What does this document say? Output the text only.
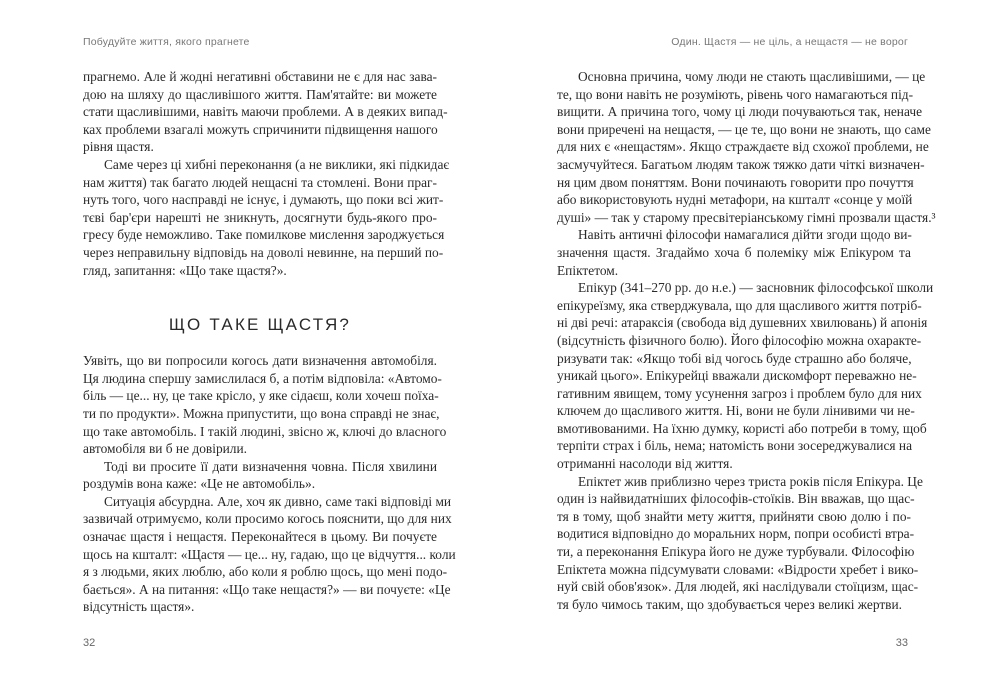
Побудуйте життя, якого прагнете
прагнемо. Але й жодні негативні обставини не є для нас зава-
дою на шляху до щасливішого життя. Пам'ятайте: ви можете
стати щасливішими, навіть маючи проблеми. А в деяких випад-
ках проблеми взагалі можуть спричинити підвищення нашого
рівня щастя.
Саме через ці хибні переконання (а не виклики, які підкидає
нам життя) так багато людей нещасні та стомлені. Вони праг-
нуть того, чого насправді не існує, і думають, що поки всі жит-
тєві бар'єри нарешті не зникнуть, досягнути будь-якого про-
гресу буде неможливо. Таке помилкове мислення зароджується
через неправильну відповідь на доволі невинне, на перший по-
гляд, запитання: «Що таке щастя?».
ЩО ТАКЕ ЩАСТЯ?
Уявіть, що ви попросили когось дати визначення автомобіля.
Ця людина спершу замислилася б, а потім відповіла: «Автомо-
біль — це... ну, це таке крісло, у яке сідаєш, коли хочеш поїха-
ти по продукти». Можна припустити, що вона справді не знає,
що таке автомобіль. І такій людині, звісно ж, ключі до власного
автомобіля ви б не довірили.
Тоді ви просите її дати визначення човна. Після хвилини
роздумів вона каже: «Це не автомобіль».
Ситуація абсурдна. Але, хоч як дивно, саме такі відповіді ми
зазвичай отримуємо, коли просимо когось пояснити, що для них
означає щастя і нещастя. Переконайтеся в цьому. Ви почуєте
щось на кшталт: «Щастя — це... ну, гадаю, що це відчуття... коли
я з людьми, яких люблю, або коли я роблю щось, що мені подо-
бається». А на питання: «Що таке нещастя?» — ви почуєте: «Це
відсутність щастя».
32
Один. Щастя — не ціль, а нещастя — не ворог
Основна причина, чому люди не стають щасливішими, — це
те, що вони навіть не розуміють, рівень чого намагаються під-
вищити. А причина того, чому ці люди почуваються так, неначе
вони приречені на нещастя, — це те, що вони не знають, що саме
для них є «нещастям». Якщо страждаєте від схожої проблеми, не
засмучуйтеся. Багатьом людям також тяжко дати чіткі визначен-
ня цим двом поняттям. Вони починають говорити про почуття
або використовують нудні метафори, на кшталт «сонце у моїй
душі» — так у старому пресвітеріанському гімні прозвали щастя.³
Навіть античні філософи намагалися дійти згоди щодо ви-
значення щастя. Згадаймо хоча б полеміку між Епікуром та
Епіктетом.
Епікур (341–270 рр. до н.е.) — засновник філософської школи
епікуреїзму, яка стверджувала, що для щасливого життя потріб-
ні дві речі: атараксія (свобода від душевних хвилювань) й апонія
(відсутність фізичного болю). Його філософію можна охаракте-
ризувати так: «Якщо тобі від чогось буде страшно або боляче,
уникай цього». Епікурейці вважали дискомфорт переважно не-
гативним явищем, тому усунення загроз і проблем було для них
ключем до щасливого життя. Ні, вони не були лінивими чи не-
вмотивованими. На їхню думку, користі або потреби в тому, щоб
терпіти страх і біль, нема; натомість вони зосереджувалися на
отриманні насолоди від життя.
Епіктет жив приблизно через триста років після Епікура. Це
один із найвидатніших філософів-стоїків. Він вважав, що щас-
тя в тому, щоб знайти мету життя, прийняти свою долю і по-
водитися відповідно до моральних норм, попри особисті втра-
ти, а переконання Епікура його не дуже турбували. Філософію
Епіктета можна підсумувати словами: «Відрости хребет і вико-
нуй свій обов'язок». Для людей, які наслідували стоїцизм, щас-
тя було чимось таким, що здобувається через великі жертви.
33
